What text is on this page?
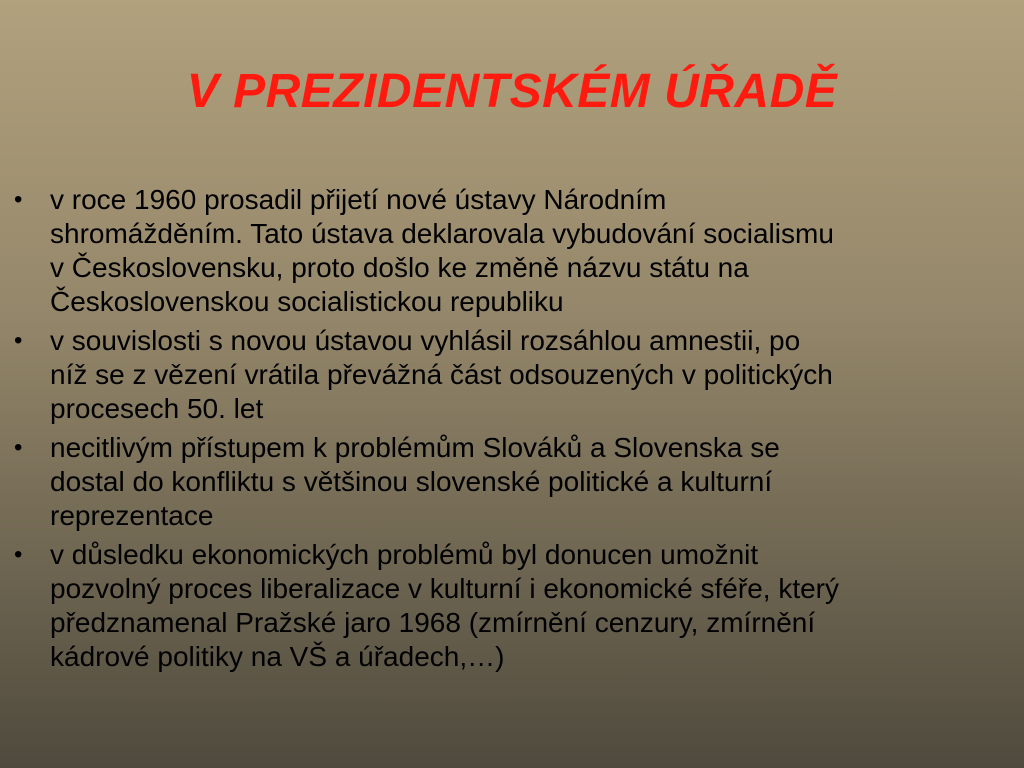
V PREZIDENTSKÉM ÚŘADĚ
• v roce 1960 prosadil přijetí nové ústavy Národním
shromážděním. Tato ústava deklarovala vybudování socialismu
v Československu, proto došlo ke změně názvu státu na
Československou socialistickou republiku
• v souvislosti s novou ústavou vyhlásil rozsáhlou amnestii, po
níž se z vězení vrátila převážná část odsouzených v politických
procesech 50. let
• necitlivým přístupem k problémům Slováků a Slovenska se
dostal do konfliktu s většinou slovenské politické a kulturní
reprezentace
• v důsledku ekonomických problémů byl donucen umožnit
pozvolný proces liberalizace v kulturní i ekonomické sféře, který
předznamenal Pražské jaro 1968 (zmírnění cenzury, zmírnění
kádrové politiky na VŠ a úřadech,…)
